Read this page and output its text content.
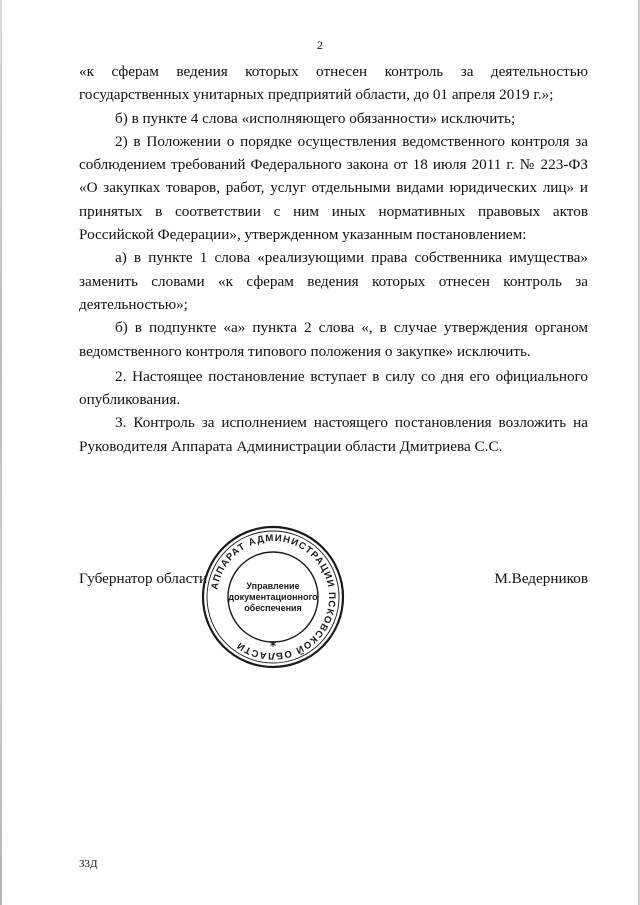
2

«к сферам ведения которых отнесен контроль за деятельностью государственных унитарных предприятий области, до 01 апреля 2019 г.»;

б) в пункте 4 слова «исполняющего обязанности» исключить;

2) в Положении о порядке осуществления ведомственного контроля за соблюдением требований Федерального закона от 18 июля 2011 г. № 223-ФЗ «О закупках товаров, работ, услуг отдельными видами юридических лиц» и принятых в соответствии с ним иных нормативных правовых актов Российской Федерации», утвержденном указанным постановлением:

а) в пункте 1 слова «реализующими права собственника имущества» заменить словами «к сферам ведения которых отнесен контроль за деятельностью»;

б) в подпункте «а» пункта 2 слова «, в случае утверждения органом ведомственного контроля типового положения о закупке» исключить.

2. Настоящее постановление вступает в силу со дня его официального опубликования.

3. Контроль за исполнением настоящего постановления возложить на Руководителя Аппарата Администрации области Дмитриева С.С.

АППАРАТ АДМИНИСТРАЦИИ ПСКОВСКОЙ ОБЛАСТИ
Управление
документационного
обеспечения
*
Губернатор области	М.Ведерников
33Д
